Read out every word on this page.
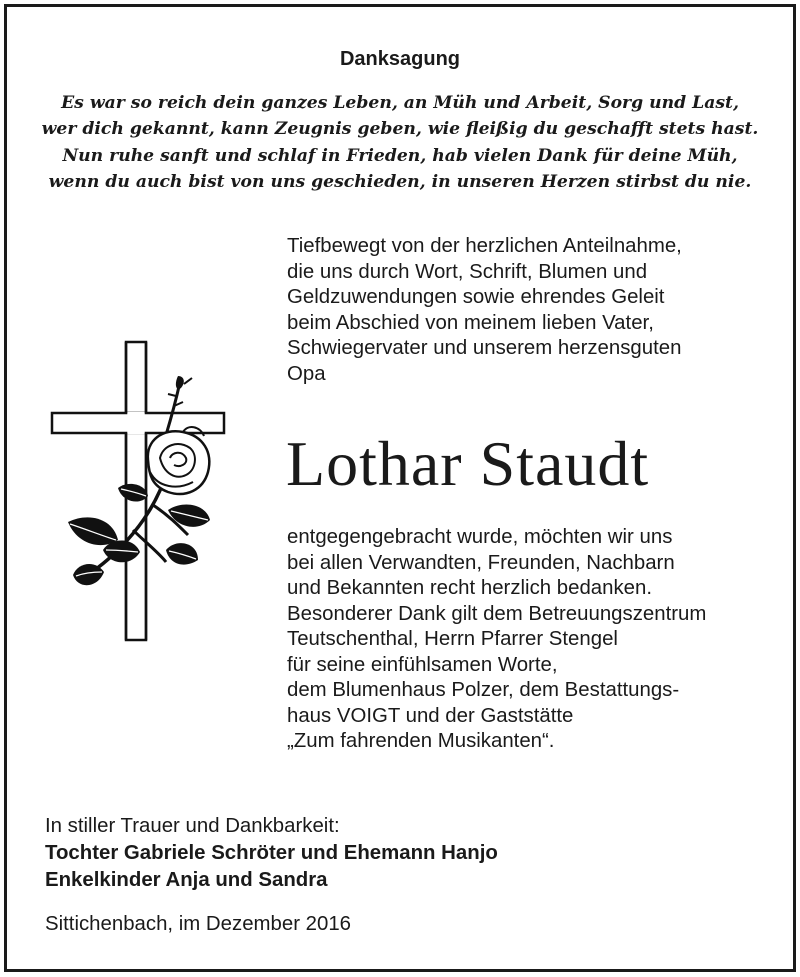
Danksagung
Es war so reich dein ganzes Leben, an Müh und Arbeit, Sorg und Last,
wer dich gekannt, kann Zeugnis geben, wie fleißig du geschafft stets hast.
Nun ruhe sanft und schlaf in Frieden, hab vielen Dank für deine Müh,
wenn du auch bist von uns geschieden, in unseren Herzen stirbst du nie.
Tiefbewegt von der herzlichen Anteilnahme,
die uns durch Wort, Schrift, Blumen und
Geldzuwendungen sowie ehrendes Geleit
beim Abschied von meinem lieben Vater,
Schwiegervater und unserem herzensguten
Opa
Lothar Staudt
entgegengebracht wurde, möchten wir uns
bei allen Verwandten, Freunden, Nachbarn
und Bekannten recht herzlich bedanken.
Besonderer Dank gilt dem Betreuungszentrum
Teutschenthal, Herrn Pfarrer Stengel
für seine einfühlsamen Worte,
dem Blumenhaus Polzer, dem Bestattungs-
haus VOIGT und der Gaststätte
„Zum fahrenden Musikanten“.
In stiller Trauer und Dankbarkeit:
Tochter Gabriele Schröter und Ehemann Hanjo
Enkelkinder Anja und Sandra
Sittichenbach, im Dezember 2016
